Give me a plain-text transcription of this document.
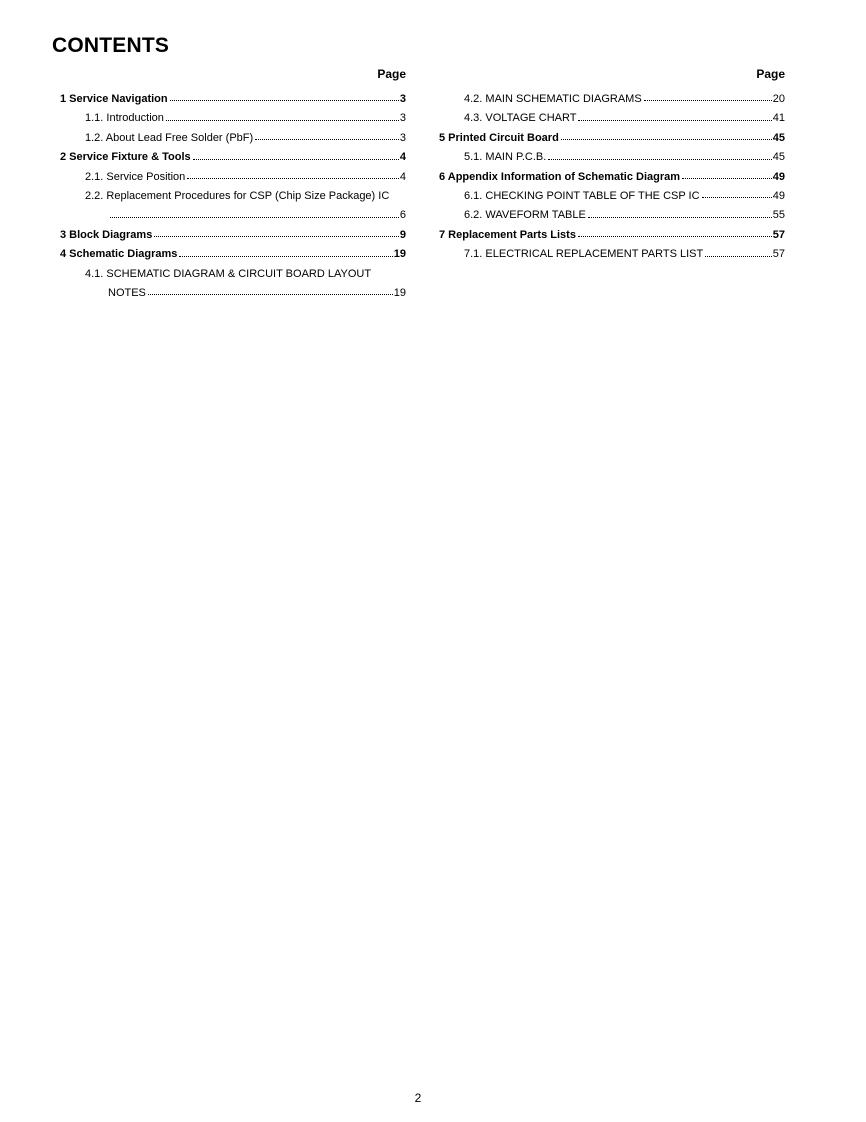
CONTENTS
Page
1 Service Navigation	3
1.1. Introduction	3
1.2. About Lead Free Solder (PbF)	3
2 Service Fixture & Tools	4
2.1. Service Position	4
2.2. Replacement Procedures for CSP (Chip Size Package) IC
6
3 Block Diagrams	9
4 Schematic Diagrams	19
4.1. SCHEMATIC DIAGRAM & CIRCUIT BOARD LAYOUT
NOTES	19
Page
4.2. MAIN SCHEMATIC DIAGRAMS	20
4.3. VOLTAGE CHART	41
5 Printed Circuit Board	45
5.1. MAIN P.C.B.	45
6 Appendix Information of Schematic Diagram	49
6.1. CHECKING POINT TABLE OF THE CSP IC	49
6.2. WAVEFORM TABLE	55
7 Replacement Parts Lists	57
7.1. ELECTRICAL REPLACEMENT PARTS LIST	57
2
